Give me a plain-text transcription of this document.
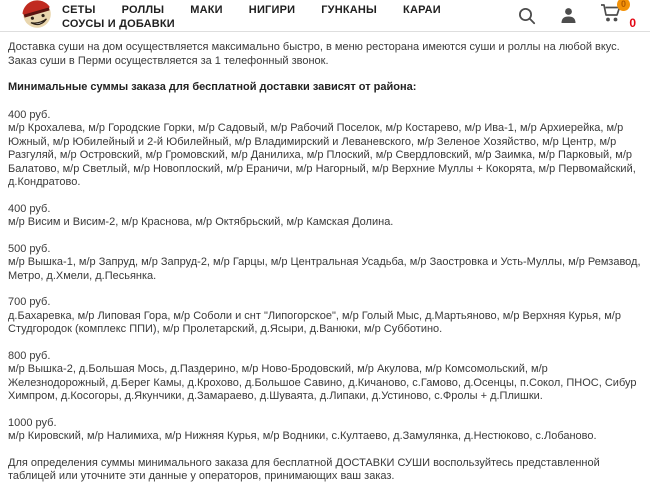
СЕТЫ РОЛЛЫ МАКИ НИГИРИ ГУНКАНЫ КАРАИ
СОУСЫ И ДОБАВКИ
0
0

Доставка суши на дом осуществляется максимально быстро, в меню ресторана имеются суши и роллы на любой вкус. Заказ суши в Перми осуществляется за 1 телефонный звонок.

Минимальные суммы заказа для бесплатной доставки зависят от района:

400 руб.
м/р Крохалева, м/р Городские Горки, м/р Садовый, м/р Рабочий Поселок, м/р Костарево, м/р Ива-1, м/р Архиерейка, м/р Южный, м/р Юбилейный и 2-й Юбилейный, м/р Владимирский и Леваневского, м/р Зеленое Хозяйство, м/р Центр, м/р Разгуляй, м/р Островский, м/р Громовский, м/р Данилиха, м/р Плоский, м/р Свердловский, м/р Заимка, м/р Парковый, м/р Балатово, м/р Светлый, м/р Новоплоский, м/р Ераничи, м/р Нагорный, м/р Верхние Муллы + Кокорята, м/р Первомайский, д.Кондратово.
400 руб.
м/р Висим и Висим-2, м/р Краснова, м/р Октябрьский, м/р Камская Долина.
500 руб.
м/р Вышка-1, м/р Запруд, м/р Запруд-2, м/р Гарцы, м/р Центральная Усадьба, м/р Заостровка и Усть-Муллы, м/р Ремзавод, Метро, д.Хмели, д.Песьянка.
700 руб.
д.Бахаревка, м/р Липовая Гора, м/р Соболи и снт "Липогорское", м/р Голый Мыс, д.Мартьяново, м/р Верхняя Курья, м/р Студгородок (комплекс ППИ), м/р Пролетарский, д.Ясыри, д.Ванюки, м/р Субботино.
800 руб.
м/р Вышка-2, д.Большая Мось, д.Паздерино, м/р Ново-Бродовский, м/р Акулова, м/р Комсомольский, м/р Железнодорожный, д.Берег Камы, д.Крохово, д.Большое Савино, д.Кичаново, с.Гамово, д.Осенцы, п.Сокол, ПНОС, Сибур Химпром, д.Косогоры, д.Якунчики, д.Замараево, д.Шуваята, д.Липаки, д.Устиново, с.Фролы + д.Плишки.
1000 руб.
м/р Кировский, м/р Налимиха, м/р Нижняя Курья, м/р Водники, с.Култаево, д.Замулянка, д.Нестюково, с.Лобаново.

Для определения суммы минимального заказа для бесплатной ДОСТАВКИ СУШИ воспользуйтесь представленной таблицей или уточните эти данные у операторов, принимающих ваш заказ.
